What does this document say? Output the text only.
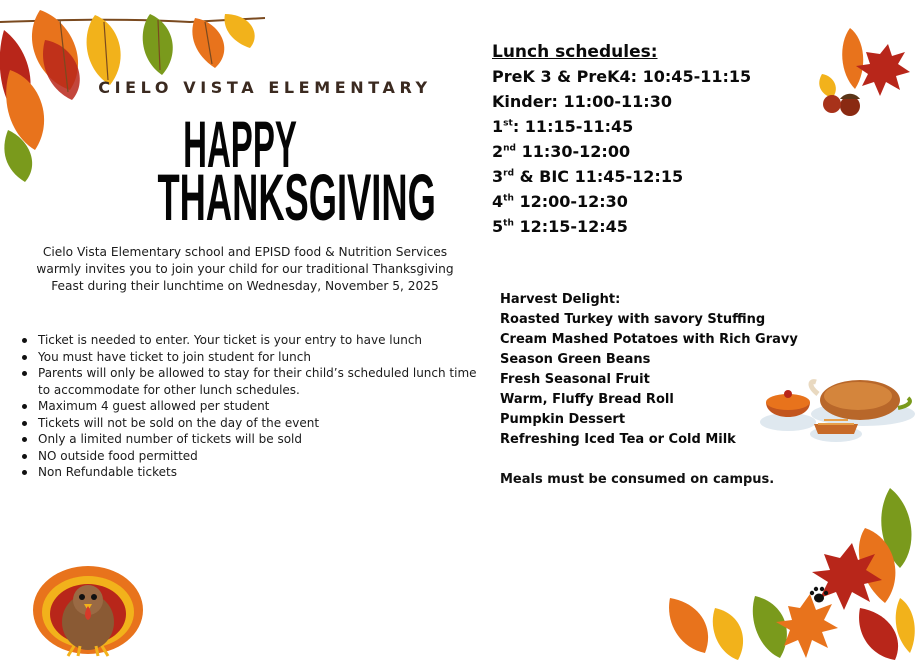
CIELO VISTA ELEMENTARY
HAPPY
THANKSGIVING

Cielo Vista Elementary school and EPISD food & Nutrition Services warmly invites you to join your child for our traditional Thanksgiving Feast during their lunchtime on Wednesday, November 5, 2025

Ticket is needed to enter. Your ticket is your entry to have lunch
You must have ticket to join student for lunch
Parents will only be allowed to stay for their child’s scheduled lunch time to accommodate for other lunch schedules.
Maximum 4 guest allowed per student
Tickets will not be sold on the day of the event
Only a limited number of tickets will be sold
NO outside food permitted
Non Refundable tickets
Lunch schedules:
PreK 3 & PreK4: 10:45-11:15
Kinder: 11:00-11:30
1st: 11:15-11:45
2nd 11:30-12:00
3rd & BIC 11:45-12:15
4th 12:00-12:30
5th 12:15-12:45
Harvest Delight:
Roasted Turkey with savory Stuffing
Cream Mashed Potatoes with Rich Gravy
Season Green Beans
Fresh Seasonal Fruit
Warm, Fluffy Bread Roll
Pumpkin Dessert
Refreshing Iced Tea or Cold Milk
Meals must be consumed on campus.
